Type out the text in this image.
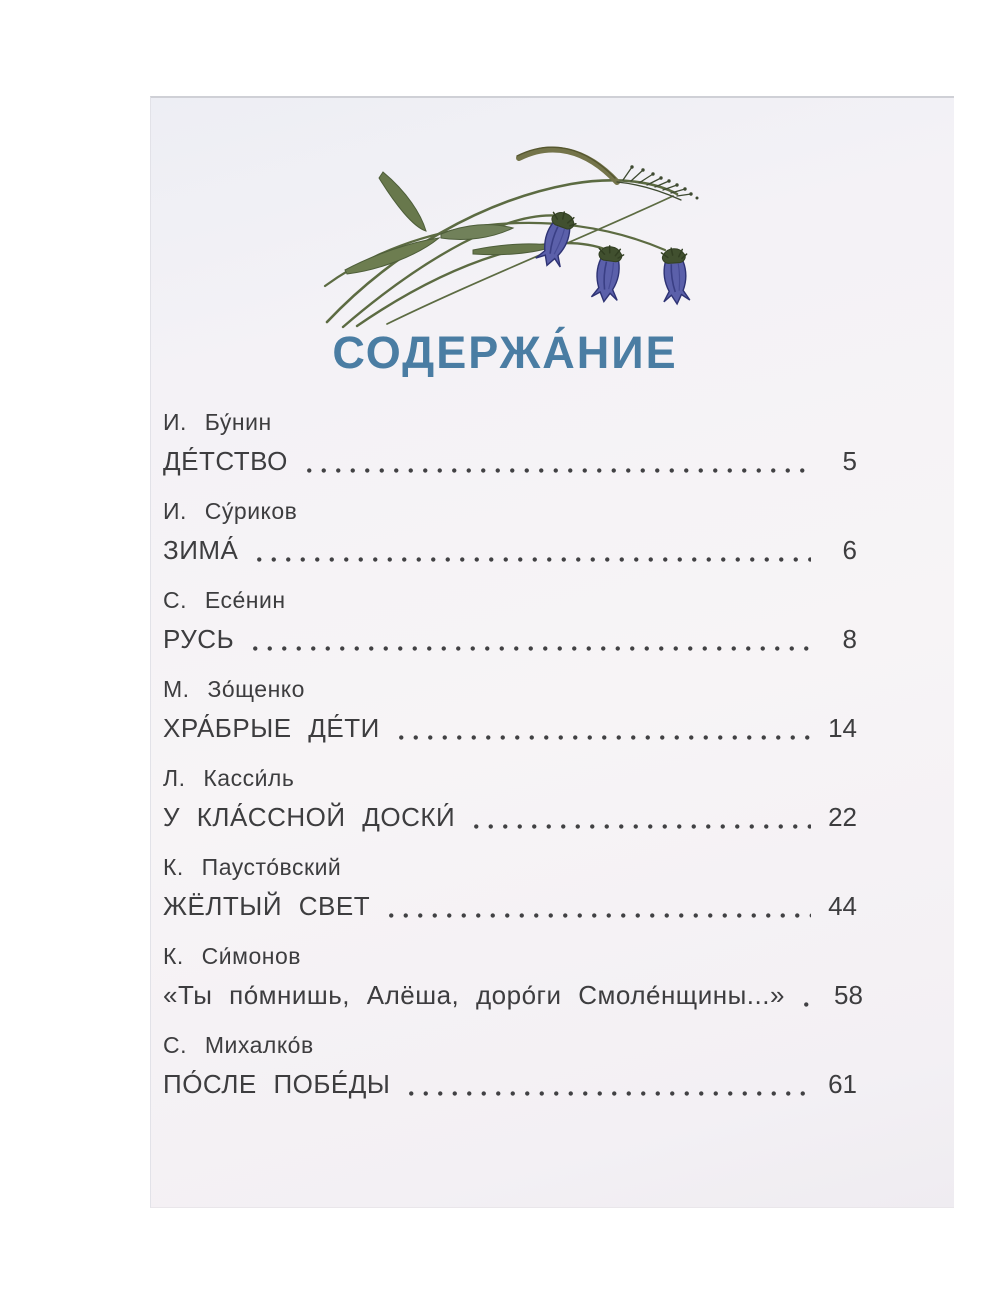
СОДЕРЖА́НИЕ
И. Бу́нин
ДЕ́ТСТВО	5
И. Су́риков
ЗИМА́	6
С. Есе́нин
РУСЬ	8
М. Зо́щенко
ХРА́БРЫЕ ДЕ́ТИ	14
Л. Касси́ль
У КЛА́ССНОЙ ДОСКИ́	22
К. Паусто́вский
ЖЁЛТЫЙ СВЕТ	44
К. Си́монов
«Ты по́мнишь, Алёша, доро́ги Смоле́нщины...»	58
С. Михалко́в
ПО́СЛЕ ПОБЕ́ДЫ	61
